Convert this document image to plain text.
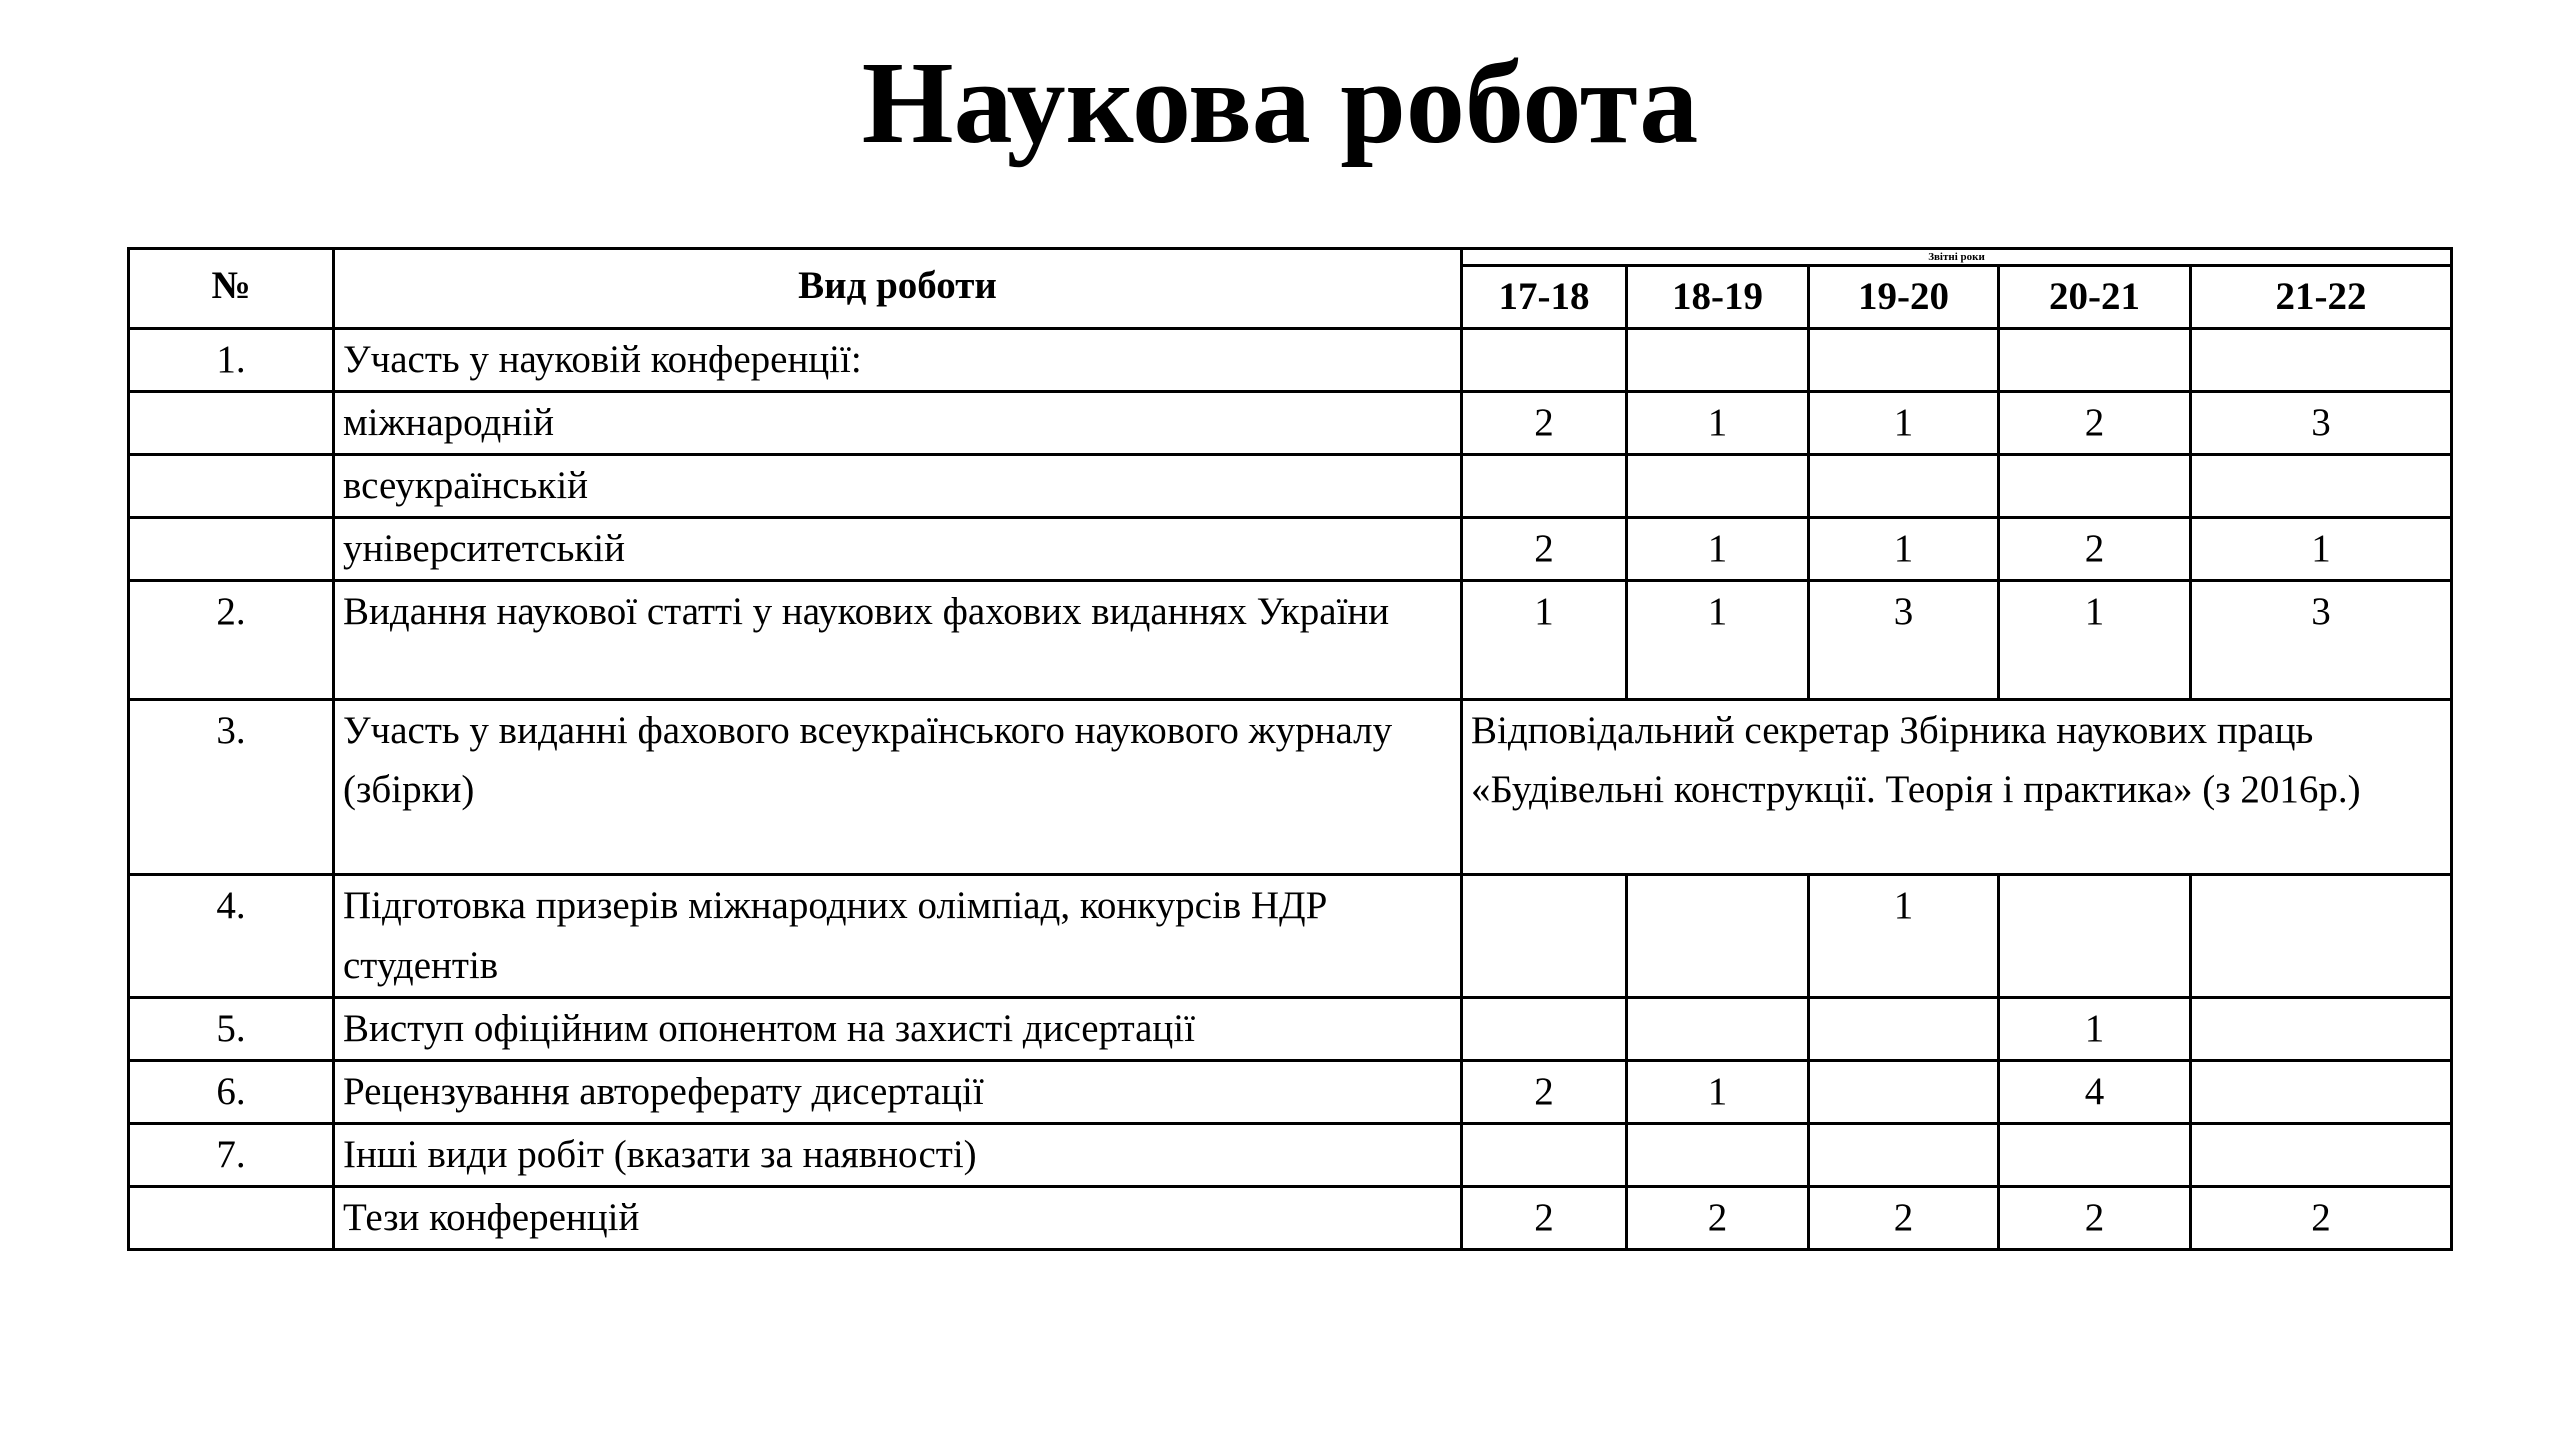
Наукова робота
№	Вид роботи	Звітні роки				
		17-18	18-19	19-20	20-21	21-22
1.	Участь у науковій конференції:					
	міжнародній	2	1	1	2	3
	всеукраїнській					
	університетській	2	1	1	2	1
2.	Видання наукової статті у наукових фахових виданнях України	1	1	3	1	3
3.	Участь у виданні фахового всеукраїнського наукового журналу (збірки)	Відповідальний секретар Збірника наукових праць «Будівельні конструкції. Теорія і практика» (з 2016р.)				
4.	Підготовка призерів міжнародних олімпіад, конкурсів НДР студентів			1		
5.	Виступ офіційним опонентом на захисті дисертації				1	
6.	Рецензування автореферату дисертації	2	1		4	
7.	Інші види робіт (вказати за наявності)					
	Тези конференцій	2	2	2	2	2
